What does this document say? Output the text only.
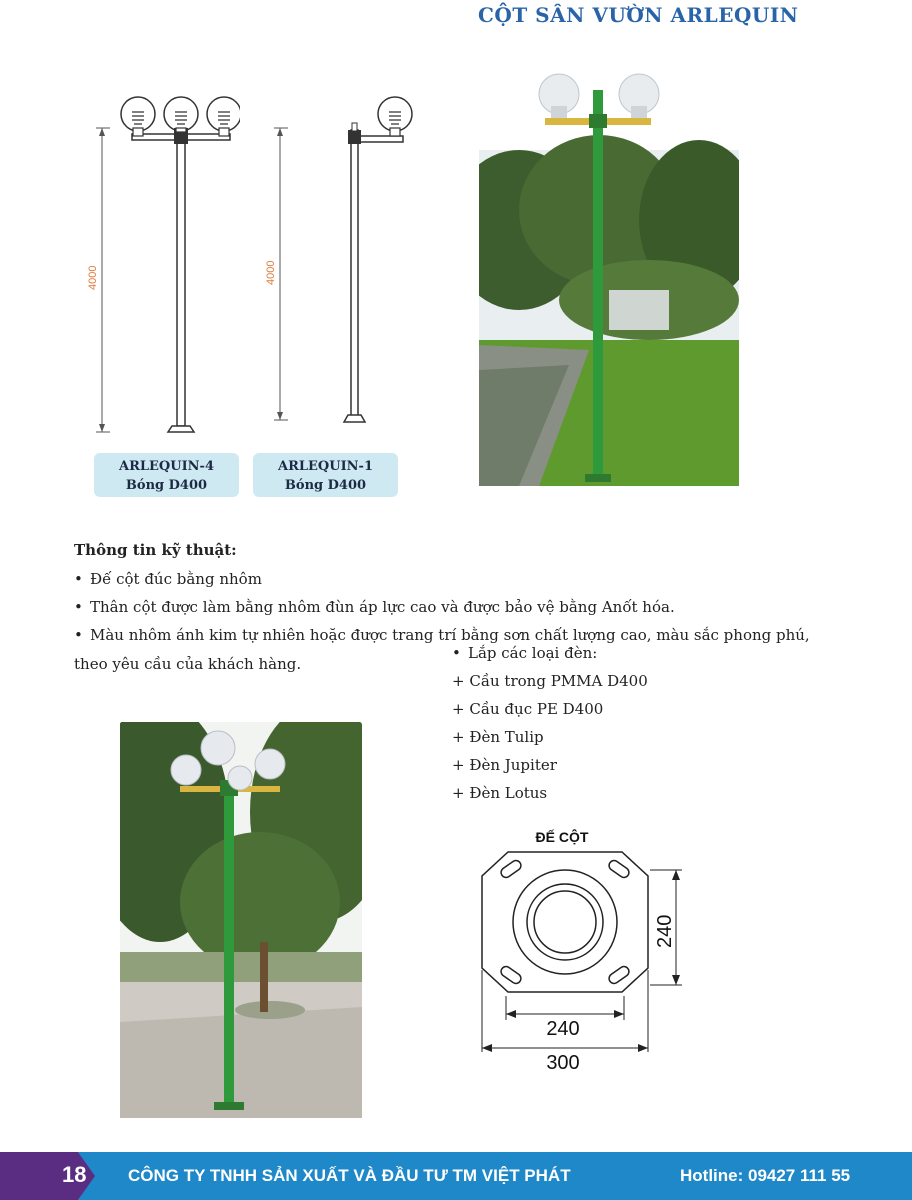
CỘT SÂN VƯỜN ARLEQUIN
4000	4000
ARLEQUIN-4
Bóng D400
ARLEQUIN-1
Bóng D400
Thông tin kỹ thuật:
• Đế cột đúc bằng nhôm
• Thân cột được làm bằng nhôm đùn áp lực cao và được bảo vệ bằng Anốt hóa.
• Màu nhôm ánh kim tự nhiên hoặc được trang trí bằng sơn chất lượng cao, màu sắc phong phú,
theo yêu cầu của khách hàng.
• Lắp các loại đèn:
+ Cầu trong PMMA D400
+ Cầu đục PE D400
+ Đèn Tulip
+ Đèn Jupiter
+ Đèn Lotus
ĐẾ CỘT
240
240
300
18 CÔNG TY TNHH SẢN XUẤT VÀ ĐẦU TƯ TM VIỆT PHÁT	Hotline: 09427 111 55
